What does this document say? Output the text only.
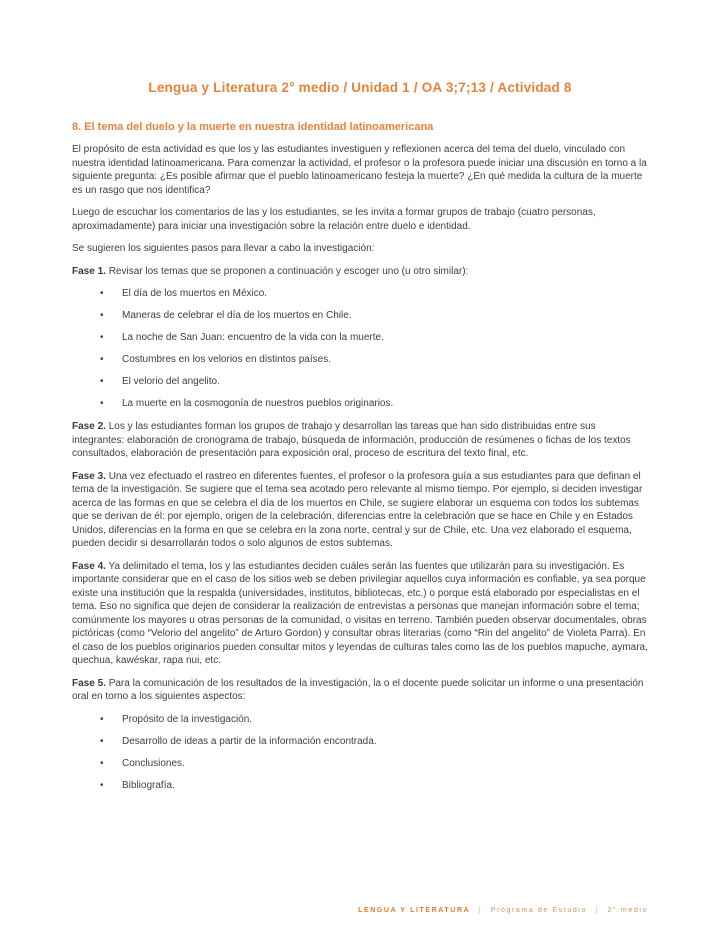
Lengua y Literatura 2° medio / Unidad 1 / OA 3;7;13 / Actividad 8
8. El tema del duelo y la muerte en nuestra identidad latinoamericana

El propósito de esta actividad es que los y las estudiantes investiguen y reflexionen acerca del tema del duelo, vinculado con nuestra identidad latinoamericana. Para comenzar la actividad, el profesor o la profesora puede iniciar una discusión en torno a la siguiente pregunta: ¿Es posible afirmar que el pueblo latinoamericano festeja la muerte? ¿En qué medida la cultura de la muerte es un rasgo que nos identifica?

Luego de escuchar los comentarios de las y los estudiantes, se les invita a formar grupos de trabajo (cuatro personas, aproximadamente) para iniciar una investigación sobre la relación entre duelo e identidad.

Se sugieren los siguientes pasos para llevar a cabo la investigación:

Fase 1. Revisar los temas que se proponen a continuación y escoger uno (u otro similar):

• El día de los muertos en México.
• Maneras de celebrar el día de los muertos en Chile.
• La noche de San Juan: encuentro de la vida con la muerte.
• Costumbres en los velorios en distintos países.
• El velorio del angelito.
• La muerte en la cosmogonía de nuestros pueblos originarios.

Fase 2. Los y las estudiantes forman los grupos de trabajo y desarrollan las tareas que han sido distribuidas entre sus integrantes: elaboración de cronograma de trabajo, búsqueda de información, producción de resúmenes o fichas de los textos consultados, elaboración de presentación para exposición oral, proceso de escritura del texto final, etc.

Fase 3. Una vez efectuado el rastreo en diferentes fuentes, el profesor o la profesora guía a sus estudiantes para que definan el tema de la investigación. Se sugiere que el tema sea acotado pero relevante al mismo tiempo. Por ejemplo, si deciden investigar acerca de las formas en que se celebra el día de los muertos en Chile, se sugiere elaborar un esquema con todos los subtemas que se derivan de él: por ejemplo, origen de la celebración, diferencias entre la celebración que se hace en Chile y en Estados Unidos, diferencias en la forma en que se celebra en la zona norte, central y sur de Chile, etc. Una vez elaborado el esquema, pueden decidir si desarrollarán todos o solo algunos de estos subtemas.

Fase 4. Ya delimitado el tema, los y las estudiantes deciden cuáles serán las fuentes que utilizarán para su investigación. Es importante considerar que en el caso de los sitios web se deben privilegiar aquellos cuya información es confiable, ya sea porque existe una institución que la respalda (universidades, institutos, bibliotecas, etc.) o porque está elaborado por especialistas en el tema. Eso no significa que dejen de considerar la realización de entrevistas a personas que manejan información sobre el tema; comúnmente los mayores u otras personas de la comunidad, o visitas en terreno. También pueden observar documentales, obras pictóricas (como “Velorio del angelito” de Arturo Gordon) y consultar obras literarias (como “Rin del angelito” de Violeta Parra). En el caso de los pueblos originarios pueden consultar mitos y leyendas de culturas tales como las de los pueblos mapuche, aymara, quechua, kawéskar, rapa nui, etc.

Fase 5. Para la comunicación de los resultados de la investigación, la o el docente puede solicitar un informe o una presentación oral en torno a los siguientes aspectos:

• Propósito de la investigación.
• Desarrollo de ideas a partir de la información encontrada.
• Conclusiones.
• Bibliografía.
LENGUA Y LITERATURA | Programa de Estudio | 2° medio
